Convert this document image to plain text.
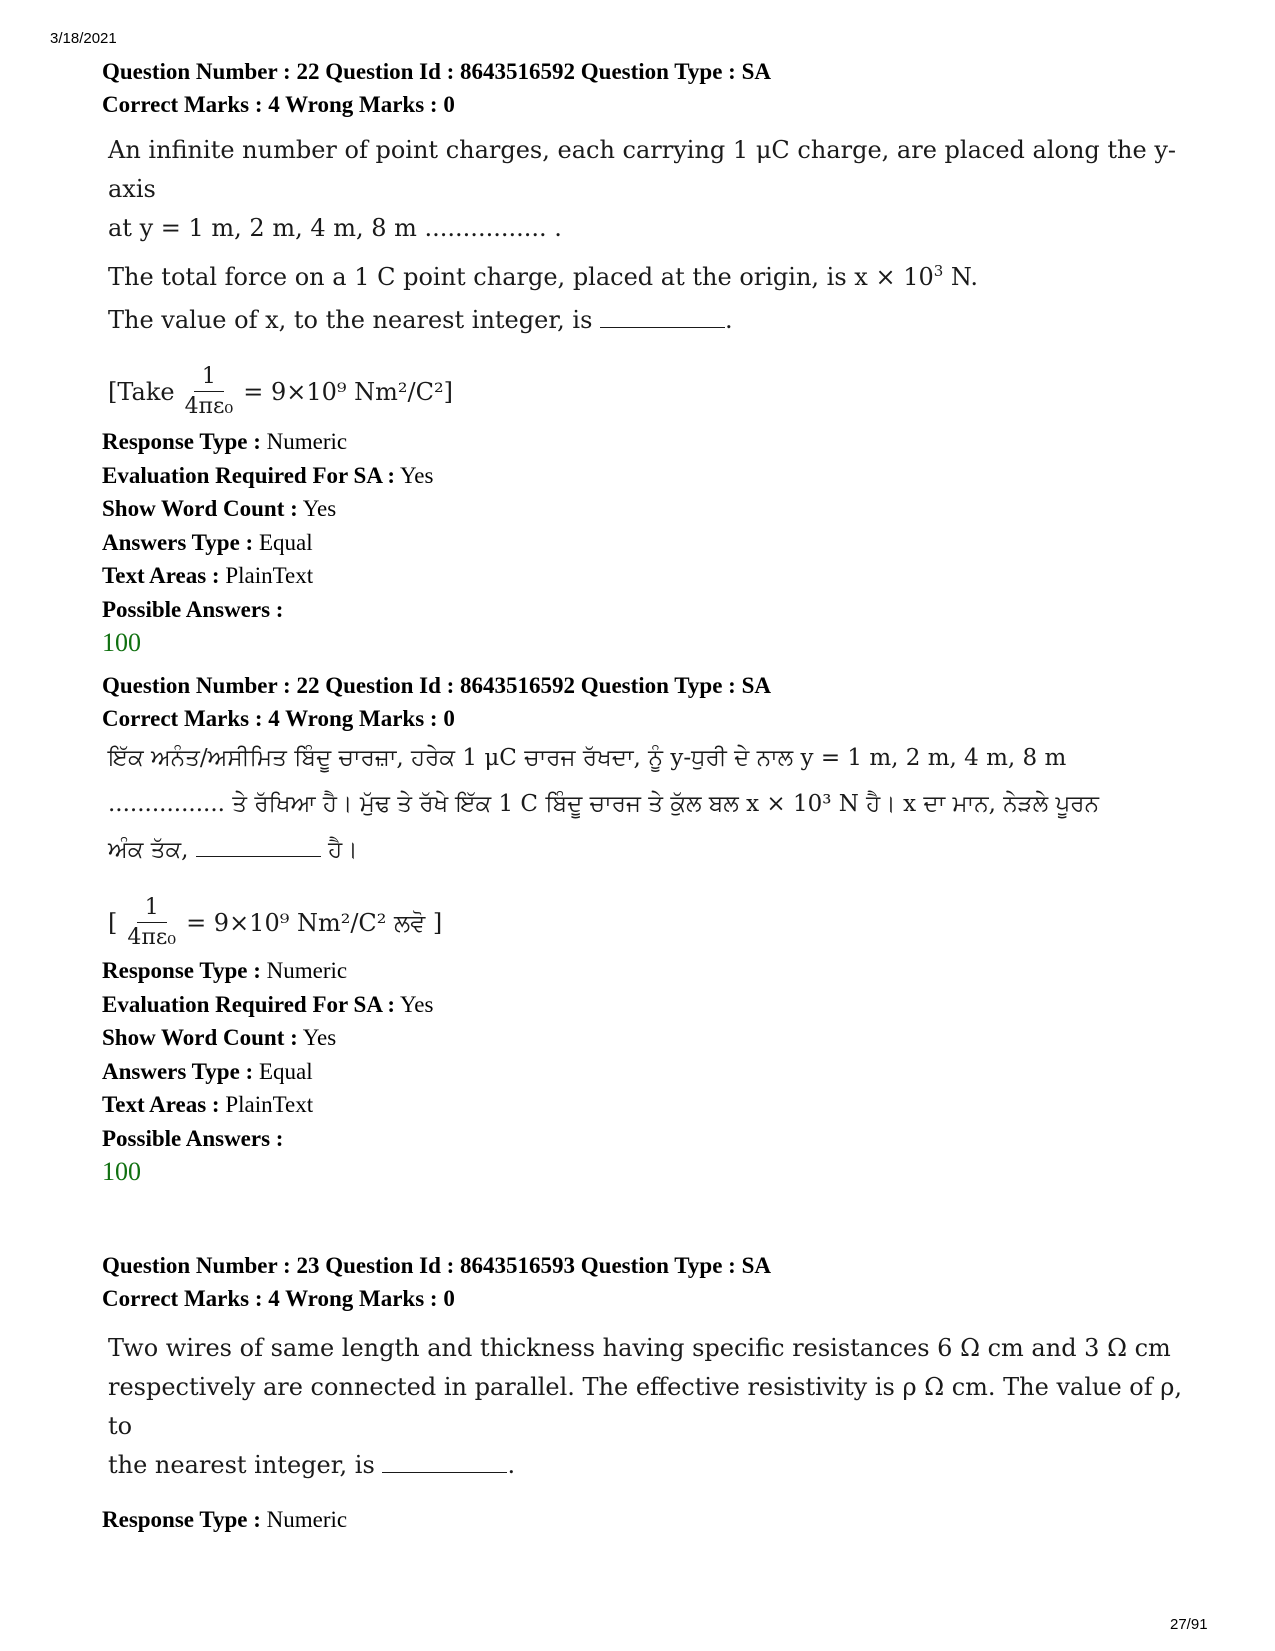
3/18/2021
Question Number : 22 Question Id : 8643516592 Question Type : SA
Correct Marks : 4 Wrong Marks : 0
An infinite number of point charges, each carrying 1 μC charge, are placed along the y-axis
at y = 1 m, 2 m, 4 m, 8 m ................ .
The total force on a 1 C point charge, placed at the origin, is $x \times 10^3$ N.
The value of x, to the nearest integer, is	.
[Take $\frac{1}{\text{4πε₀}} = 9\times 10^9$ Nm²/C²]
Response Type : Numeric
Evaluation Required For SA : Yes
Show Word Count : Yes
Answers Type : Equal
Text Areas : PlainText
Possible Answers :
100
Question Number : 22 Question Id : 8643516592 Question Type : SA
Correct Marks : 4 Wrong Marks : 0
ਇੱਕ ਅਨੰਤ/ਅਸੀਮਿਤ ਬਿੰਦੂ ਚਾਰਜ਼ਾ, ਹਰੇਕ 1 μC ਚਾਰਜ ਰੱਖਦਾ, ਨੂੰ y-ਧੁਰੀ ਦੇ ਨਾਲ y = 1 m, 2 m, 4 m, 8 m
................ ਤੇ ਰੱਖਿਆ ਹੈ। ਮੁੱਢ ਤੇ ਰੱਖੇ ਇੱਕ 1 C ਬਿੰਦੂ ਚਾਰਜ ਤੇ ਕੁੱਲ ਬਲ x × 10³ N ਹੈ। x ਦਾ ਮਾਨ, ਨੇੜਲੇ ਪੂਰਨ
ਅੰਕ ਤੱਕ,	ਹੈ।
[ $\frac{1}{\text{4πε₀}} = 9\times 10^9$ Nm²/C² ਲਵੋ ]
Response Type : Numeric
Evaluation Required For SA : Yes
Show Word Count : Yes
Answers Type : Equal
Text Areas : PlainText
Possible Answers :
100
Question Number : 23 Question Id : 8643516593 Question Type : SA
Correct Marks : 4 Wrong Marks : 0
Two wires of same length and thickness having specific resistances 6 Ω cm and 3 Ω cm
respectively are connected in parallel. The effective resistivity is ρ Ω cm. The value of ρ, to
the nearest integer, is	.
Response Type : Numeric
27/91
